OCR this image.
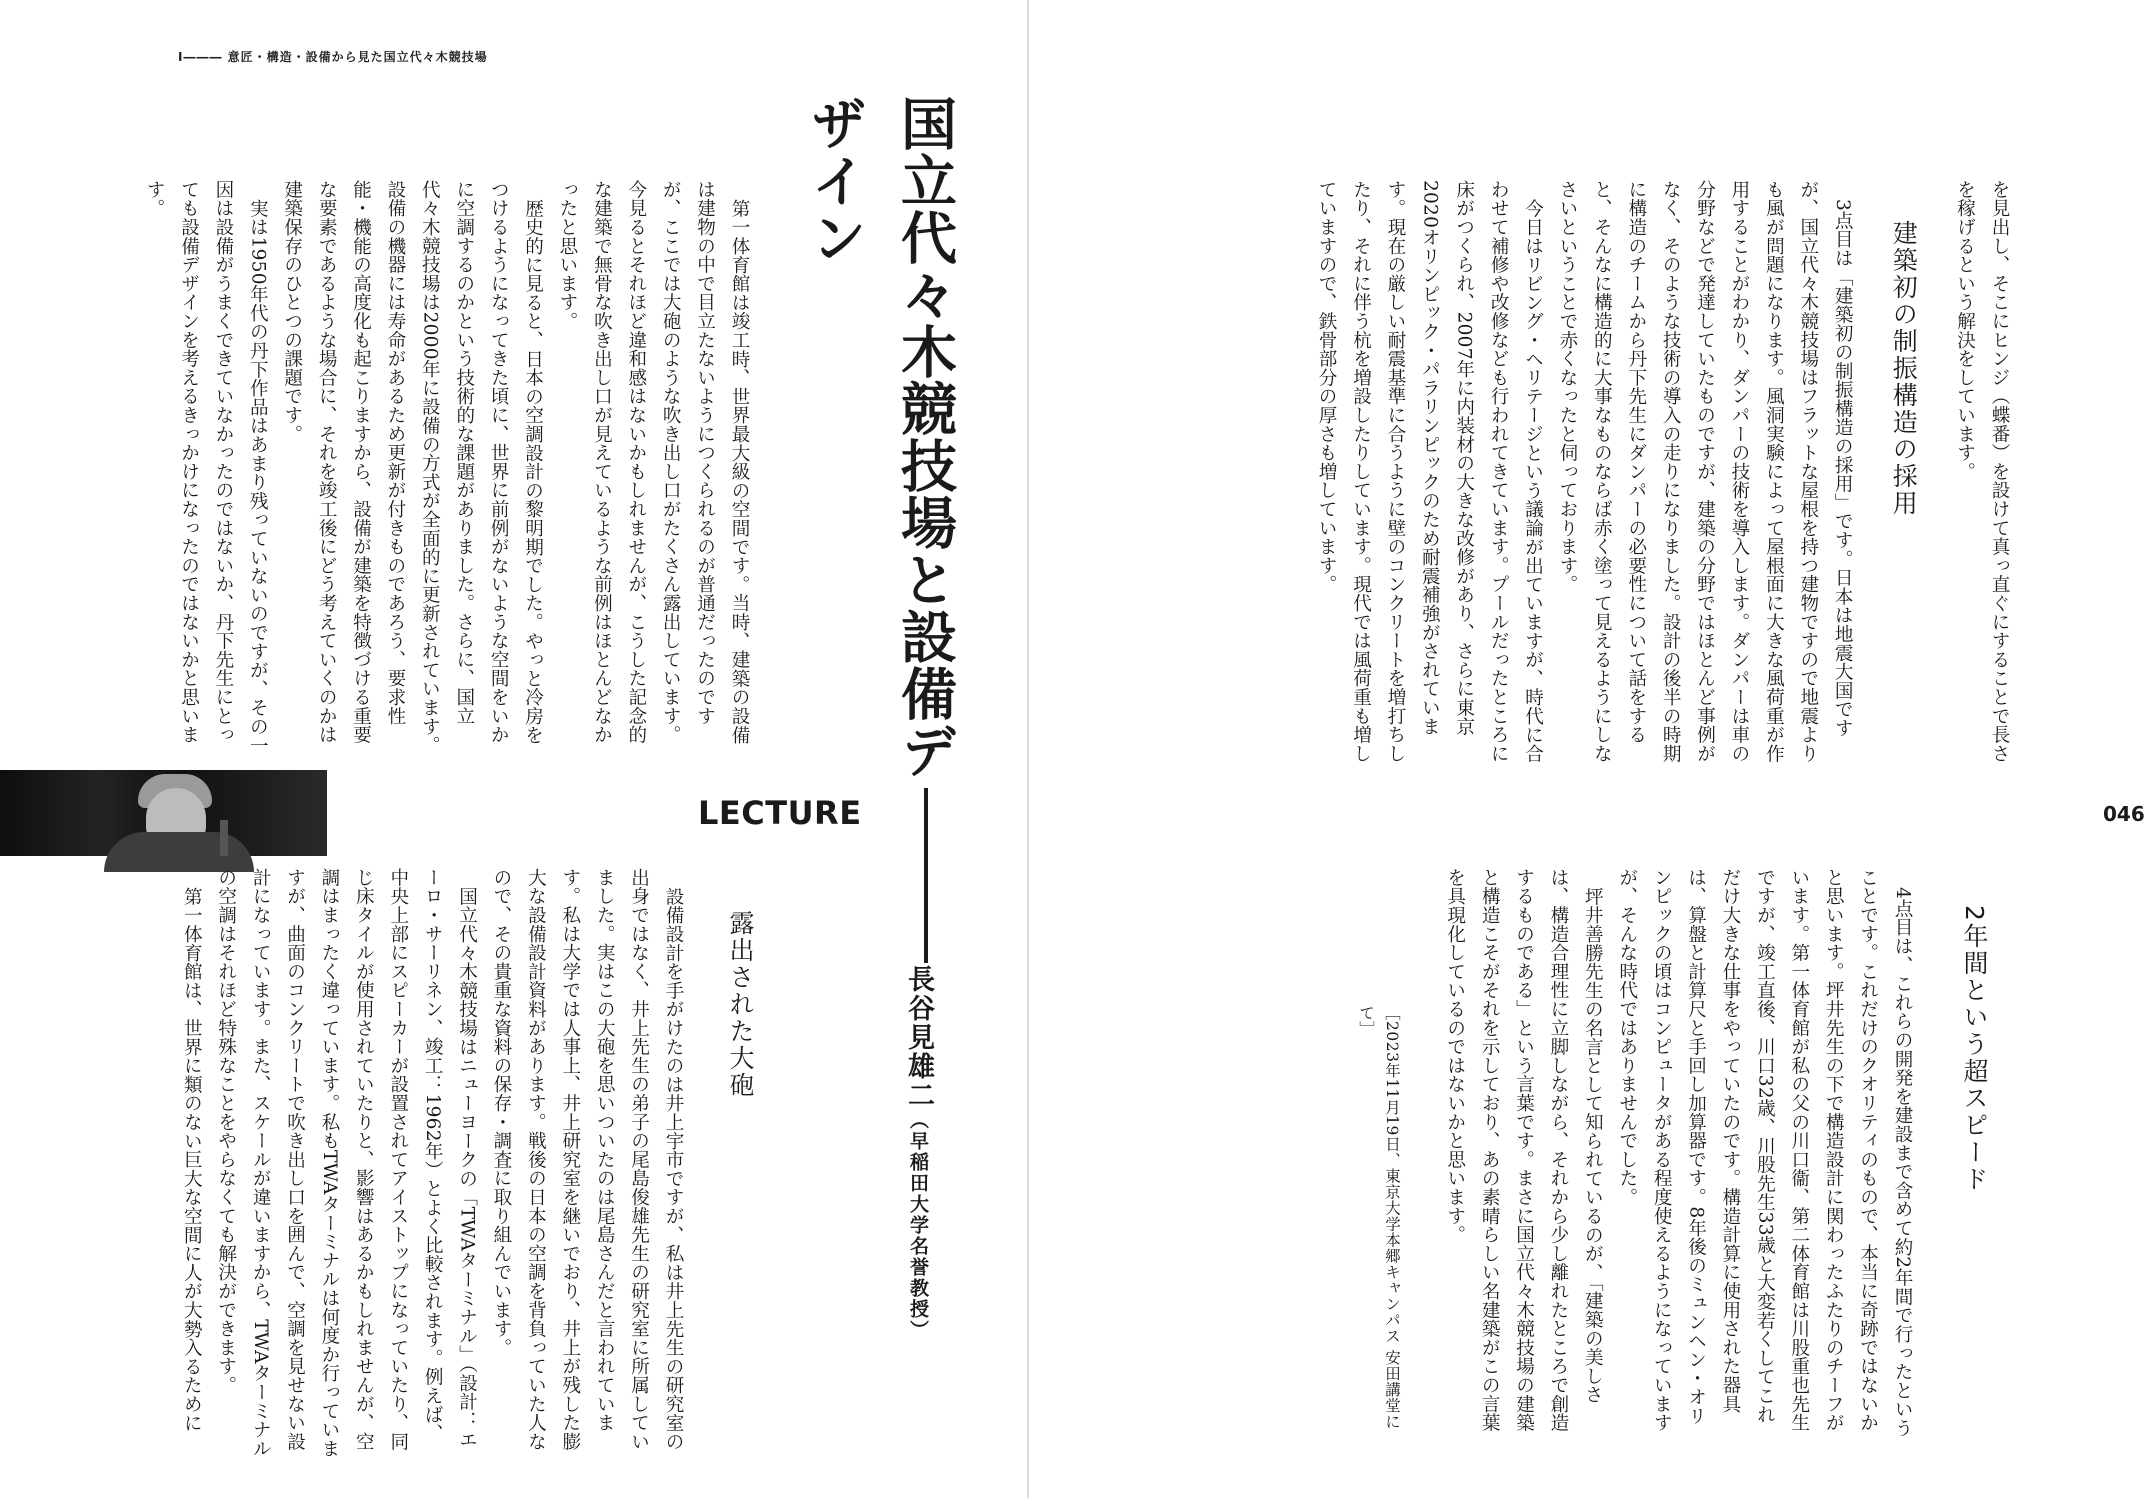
Ⅰ――― 意匠・構造・設備から見た国立代々木競技場
国立代々木競技場と設備デザイン
長谷見雄二（早稲田大学名誉教授）
LECTURE

第一体育館は竣工時、世界最大級の空間です。当時、建築の設備は建物の中で目立たないようにつくられるのが普通だったのですが、ここでは大砲のような吹き出し口がたくさん露出しています。今見るとそれほど違和感はないかもしれませんが、こうした記念的な建築で無骨な吹き出し口が見えているような前例はほとんどなかったと思います。

歴史的に見ると、日本の空調設計の黎明期でした。やっと冷房をつけるようになってきた頃に、世界に前例がないような空間をいかに空調するのかという技術的な課題がありました。さらに、国立代々木競技場は2000年に設備の方式が全面的に更新されています。設備の機器には寿命があるため更新が付きものであろう、要求性能・機能の高度化も起こりますから、設備が建築を特徴づける重要な要素であるような場合に、それを竣工後にどう考えていくのかは建築保存のひとつの課題です。

実は1950年代の丹下作品はあまり残っていないのですが、その一因は設備がうまくできていなかったのではないか、丹下先生にとっても設備デザインを考えるきっかけになったのではないかと思います。

露出された大砲

設備設計を手がけたのは井上宇市ですが、私は井上先生の研究室の出身ではなく、井上先生の弟子の尾島俊雄先生の研究室に所属していました。実はこの大砲を思いついたのは尾島さんだと言われています。私は大学では人事上、井上研究室を継いでおり、井上が残した膨大な設備設計資料があります。戦後の日本の空調を背負っていた人なので、その貴重な資料の保存・調査に取り組んでいます。

国立代々木競技場はニューヨークの「TWAターミナル」（設計：エーロ・サーリネン、竣工：1962年）とよく比較されます。例えば、中央上部にスピーカーが設置されてアイストップになっていたり、同じ床タイルが使用されていたりと、影響はあるかもしれませんが、空調はまったく違っています。私もTWAターミナルは何度か行っていますが、曲面のコンクリートで吹き出し口を囲んで、空調を見せない設計になっています。また、スケールが違いますから、TWAターミナルの空調はそれほど特殊なことをやらなくても解決ができます。

第一体育館は、世界に類のない巨大な空間に人が大勢入るために

046

を見出し、そこにヒンジ（蝶番）を設けて真っ直ぐにすることで長さを稼げるという解決をしています。

建築初の制振構造の採用

3点目は「建築初の制振構造の採用」です。日本は地震大国ですが、国立代々木競技場はフラットな屋根を持つ建物ですので地震よりも風が問題になります。風洞実験によって屋根面に大きな風荷重が作用することがわかり、ダンパーの技術を導入します。ダンパーは車の分野などで発達していたものですが、建築の分野ではほとんど事例がなく、そのような技術の導入の走りになりました。設計の後半の時期に構造のチームから丹下先生にダンパーの必要性について話をすると、そんなに構造的に大事なものならば赤く塗って見えるようにしなさいということで赤くなったと伺っております。

今日はリビング・ヘリテージという議論が出ていますが、時代に合わせて補修や改修なども行われてきています。プールだったところに床がつくられ、2007年に内装材の大きな改修があり、さらに東京2020オリンピック・パラリンピックのため耐震補強がされています。現在の厳しい耐震基準に合うように壁のコンクリートを増打ちしたり、それに伴う杭を増設したりしています。現代では風荷重も増していますので、鉄骨部分の厚さも増しています。

2年間という超スピード

4点目は、これらの開発を建設まで含めて約2年間で行ったということです。これだけのクオリティのもので、本当に奇跡ではないかと思います。坪井先生の下で構造設計に関わったふたりのチーフがいます。第一体育館が私の父の川口衞、第二体育館は川股重也先生ですが、竣工直後、川口32歳、川股先生33歳と大変若くしてこれだけ大きな仕事をやっていたのです。構造計算に使用された器具は、算盤と計算尺と手回し加算器です。8年後のミュンヘン・オリンピックの頃はコンピュータがある程度使えるようになっていますが、そんな時代ではありませんでした。

坪井善勝先生の名言として知られているのが、「建築の美しさは、構造合理性に立脚しながら、それから少し離れたところで創造するものである」という言葉です。まさに国立代々木競技場の建築と構造こそがそれを示しており、あの素晴らしい名建築がこの言葉を具現化しているのではないかと思います。

［2023年11月19日、東京大学本郷キャンパス 安田講堂にて］
